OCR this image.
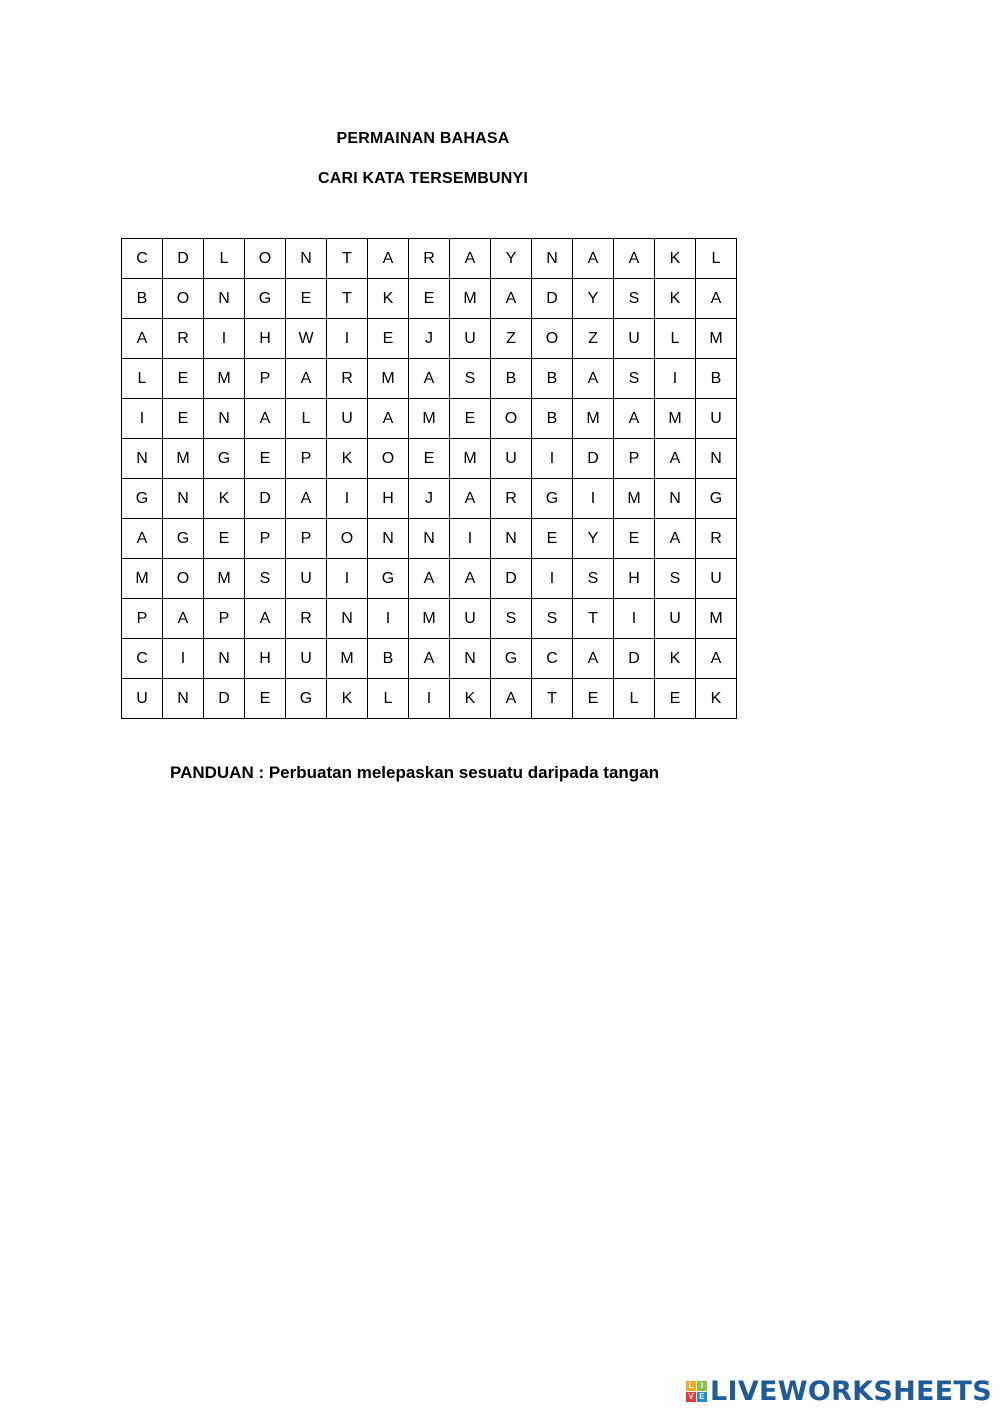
PERMAINAN BAHASA
CARI KATA TERSEMBUNYI
C	D	L	O	N	T	A	R	A	Y	N	A	A	K	L
B	O	N	G	E	T	K	E	M	A	D	Y	S	K	A
A	R	I	H	W	I	E	J	U	Z	O	Z	U	L	M
L	E	M	P	A	R	M	A	S	B	B	A	S	I	B
I	E	N	A	L	U	A	M	E	O	B	M	A	M	U
N	M	G	E	P	K	O	E	M	U	I	D	P	A	N
G	N	K	D	A	I	H	J	A	R	G	I	M	N	G
A	G	E	P	P	O	N	N	I	N	E	Y	E	A	R
M	O	M	S	U	I	G	A	A	D	I	S	H	S	U
P	A	P	A	R	N	I	M	U	S	S	T	I	U	M
C	I	N	H	U	M	B	A	N	G	C	A	D	K	A
U	N	D	E	G	K	L	I	K	A	T	E	L	E	K
PANDUAN : Perbuatan melepaskan sesuatu daripada tangan
L I
V E LIVEWORKSHEETS
